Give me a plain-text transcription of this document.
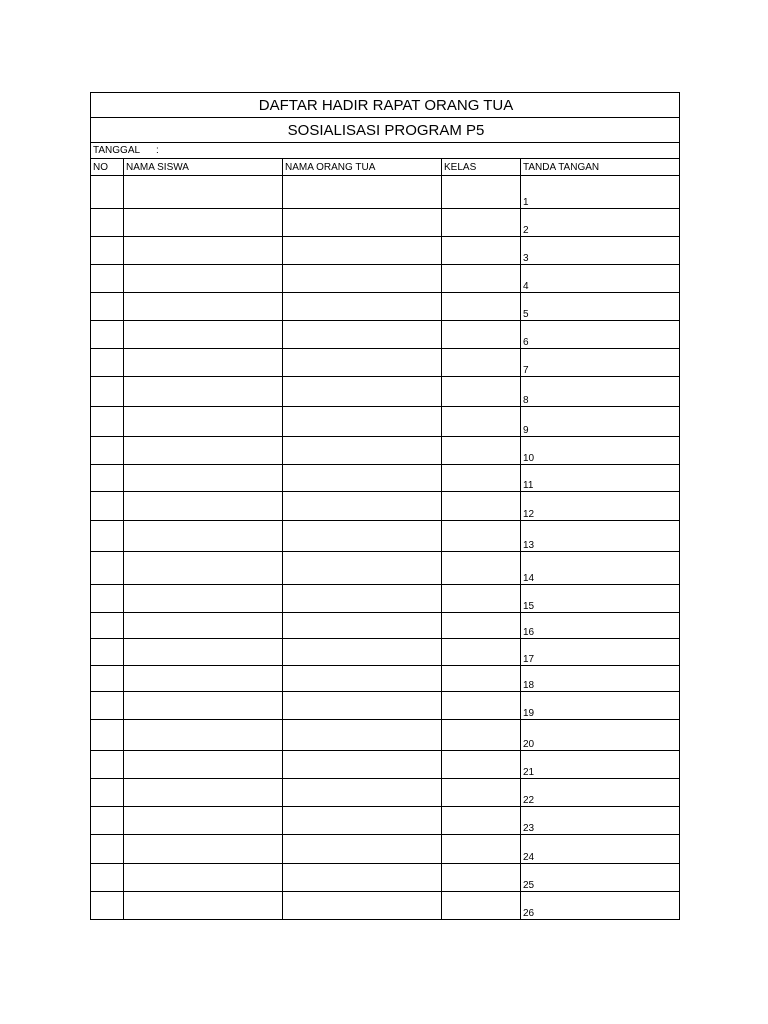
DAFTAR HADIR RAPAT ORANG TUA				
SOSIALISASI PROGRAM P5				
TANGGAL :				
NO	NAMA SISWA	NAMA ORANG TUA	KELAS	TANDA TANGAN
				1
				2
				3
				4
				5
				6
				7
				8
				9
				10
				11
				12
				13
				14
				15
				16
				17
				18
				19
				20
				21
				22
				23
				24
				25
				26
